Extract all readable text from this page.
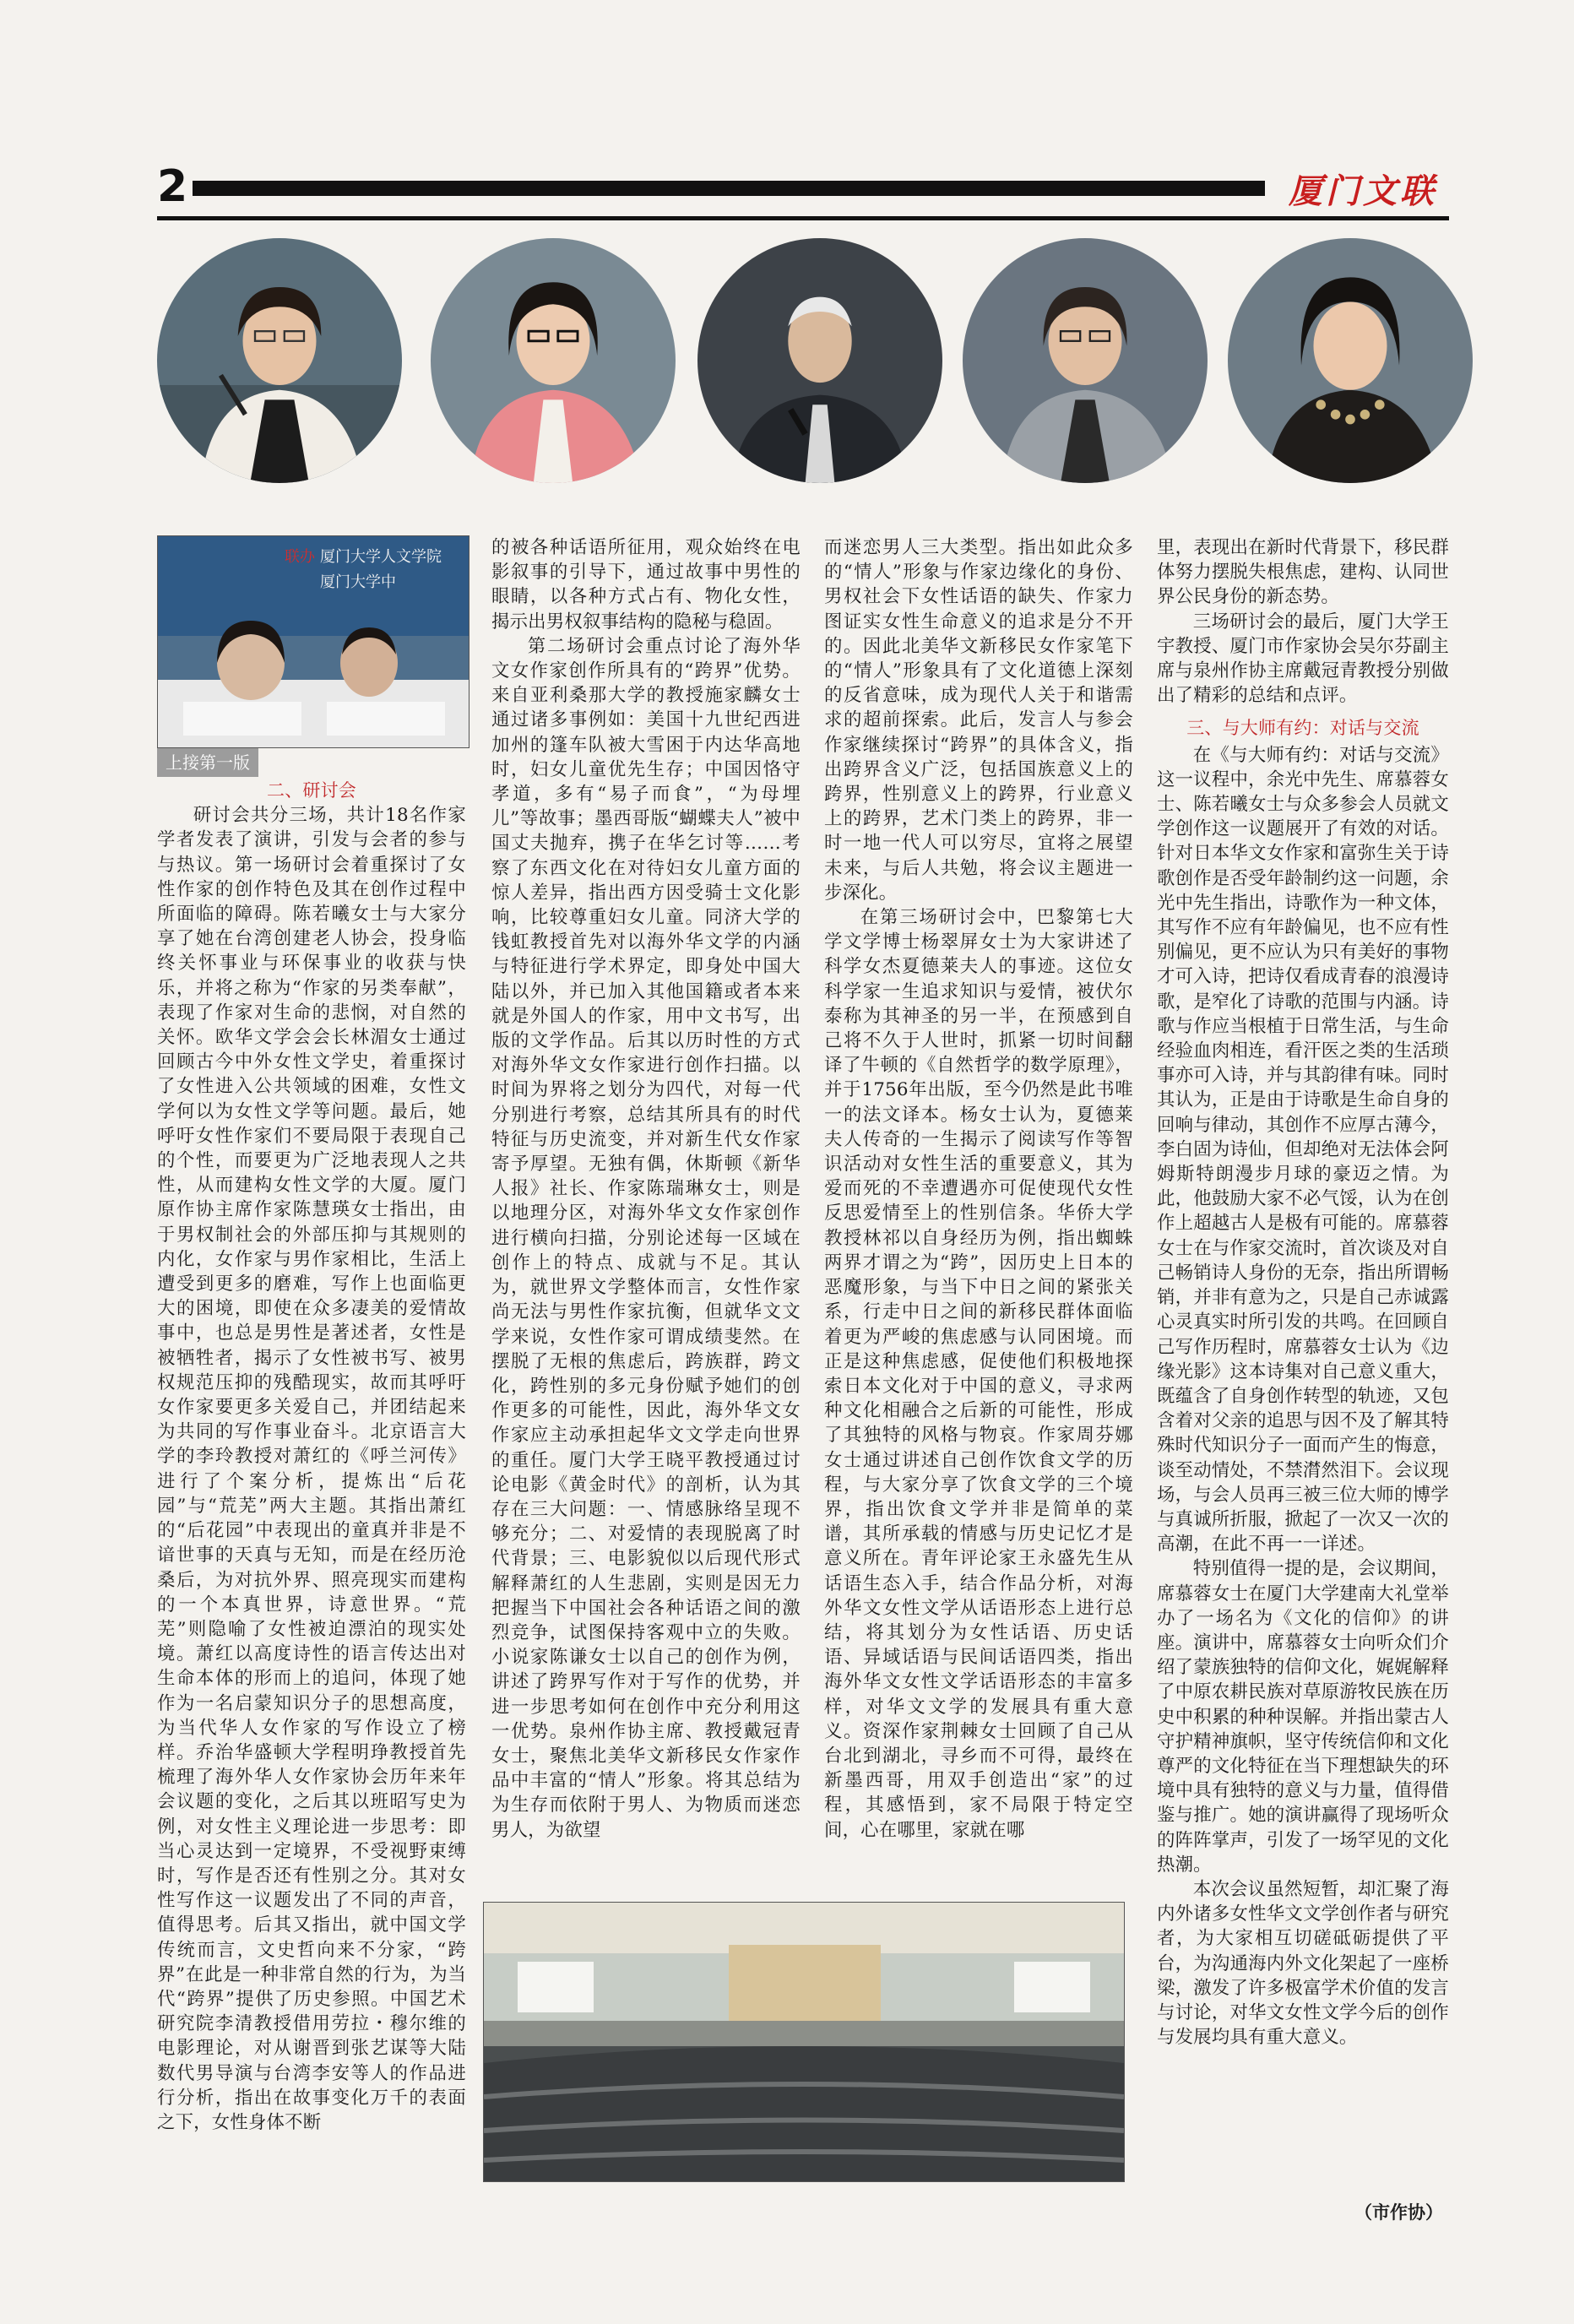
2	厦门文联
联办 厦门大学人文学院
厦门大学中
上接第一版
二、研讨会

研讨会共分三场，共计18名作家学者发表了演讲，引发与会者的参与与热议。第一场研讨会着重探讨了女性作家的创作特色及其在创作过程中所面临的障碍。陈若曦女士与大家分享了她在台湾创建老人协会，投身临终关怀事业与环保事业的收获与快乐，并将之称为“作家的另类奉献”，表现了作家对生命的悲悯，对自然的关怀。欧华文学会会长林湄女士通过回顾古今中外女性文学史，着重探讨了女性进入公共领域的困难，女性文学何以为女性文学等问题。最后，她呼吁女性作家们不要局限于表现自己的个性，而要更为广泛地表现人之共性，从而建构女性文学的大厦。厦门原作协主席作家陈慧瑛女士指出，由于男权制社会的外部压抑与其规则的内化，女作家与男作家相比，生活上遭受到更多的磨难，写作上也面临更大的困境，即使在众多凄美的爱情故事中，也总是男性是著述者，女性是被牺牲者，揭示了女性被书写、被男权规范压抑的残酷现实，故而其呼吁女作家要更多关爱自己，并团结起来为共同的写作事业奋斗。北京语言大学的李玲教授对萧红的《呼兰河传》进行了个案分析，提炼出“后花园”与“荒芜”两大主题。其指出萧红的“后花园”中表现出的童真并非是不谙世事的天真与无知，而是在经历沧桑后，为对抗外界、照亮现实而建构的一个本真世界，诗意世界。“荒芜”则隐喻了女性被迫漂泊的现实处境。萧红以高度诗性的语言传达出对生命本体的形而上的追问，体现了她作为一名启蒙知识分子的思想高度，为当代华人女作家的写作设立了榜样。乔治华盛顿大学程明琤教授首先梳理了海外华人女作家协会历年来年会议题的变化，之后其以班昭写史为例，对女性主义理论进一步思考：即当心灵达到一定境界，不受视野束缚时，写作是否还有性别之分。其对女性写作这一议题发出了不同的声音，值得思考。后其又指出，就中国文学传统而言，文史哲向来不分家，“跨界”在此是一种非常自然的行为，为当代“跨界”提供了历史参照。中国艺术研究院李清教授借用劳拉・穆尔维的电影理论，对从谢晋到张艺谋等大陆数代男导演与台湾李安等人的作品进行分析，指出在故事变化万千的表面之下，女性身体不断

的被各种话语所征用，观众始终在电影叙事的引导下，通过故事中男性的眼睛，以各种方式占有、物化女性，揭示出男权叙事结构的隐秘与稳固。

第二场研讨会重点讨论了海外华文女作家创作所具有的“跨界”优势。来自亚利桑那大学的教授施家麟女士通过诸多事例如：美国十九世纪西进加州的篷车队被大雪困于内达华高地时，妇女儿童优先生存；中国因恪守孝道，多有“易子而食”，“为母埋儿”等故事；墨西哥版“蝴蝶夫人”被中国丈夫抛弃，携子在华乞讨等……考察了东西文化在对待妇女儿童方面的惊人差异，指出西方因受骑士文化影响，比较尊重妇女儿童。同济大学的钱虹教授首先对以海外华文学的内涵与特征进行学术界定，即身处中国大陆以外，并已加入其他国籍或者本来就是外国人的作家，用中文书写，出版的文学作品。后其以历时性的方式对海外华文女作家进行创作扫描。以时间为界将之划分为四代，对每一代分别进行考察，总结其所具有的时代特征与历史流变，并对新生代女作家寄予厚望。无独有偶，休斯顿《新华人报》社长、作家陈瑞琳女士，则是以地理分区，对海外华文女作家创作进行横向扫描，分别论述每一区域在创作上的特点、成就与不足。其认为，就世界文学整体而言，女性作家尚无法与男性作家抗衡，但就华文文学来说，女性作家可谓成绩斐然。在摆脱了无根的焦虑后，跨族群，跨文化，跨性别的多元身份赋予她们的创作更多的可能性，因此，海外华文女作家应主动承担起华文文学走向世界的重任。厦门大学王晓平教授通过讨论电影《黄金时代》的剖析，认为其存在三大问题：一、情感脉络呈现不够充分；二、对爱情的表现脱离了时代背景；三、电影貌似以后现代形式解释萧红的人生悲剧，实则是因无力把握当下中国社会各种话语之间的激烈竞争，试图保持客观中立的失败。小说家陈谦女士以自己的创作为例，讲述了跨界写作对于写作的优势，并进一步思考如何在创作中充分利用这一优势。泉州作协主席、教授戴冠青女士，聚焦北美华文新移民女作家作品中丰富的“情人”形象。将其总结为为生存而依附于男人、为物质而迷恋男人，为欲望

而迷恋男人三大类型。指出如此众多的“情人”形象与作家边缘化的身份、男权社会下女性话语的缺失、作家力图证实女性生命意义的追求是分不开的。因此北美华文新移民女作家笔下的“情人”形象具有了文化道德上深刻的反省意味，成为现代人关于和谐需求的超前探索。此后，发言人与参会作家继续探讨“跨界”的具体含义，指出跨界含义广泛，包括国族意义上的跨界，性别意义上的跨界，行业意义上的跨界，艺术门类上的跨界，非一时一地一代人可以穷尽，宜将之展望未来，与后人共勉，将会议主题进一步深化。

在第三场研讨会中，巴黎第七大学文学博士杨翠屏女士为大家讲述了科学女杰夏德莱夫人的事迹。这位女科学家一生追求知识与爱情，被伏尔泰称为其神圣的另一半，在预感到自己将不久于人世时，抓紧一切时间翻译了牛顿的《自然哲学的数学原理》，并于1756年出版，至今仍然是此书唯一的法文译本。杨女士认为，夏德莱夫人传奇的一生揭示了阅读写作等智识活动对女性生活的重要意义，其为爱而死的不幸遭遇亦可促使现代女性反思爱情至上的性别信条。华侨大学教授林祁以自身经历为例，指出蜘蛛两界才谓之为“跨”，因历史上日本的恶魔形象，与当下中日之间的紧张关系，行走中日之间的新移民群体面临着更为严峻的焦虑感与认同困境。而正是这种焦虑感，促使他们积极地探索日本文化对于中国的意义，寻求两种文化相融合之后新的可能性，形成了其独特的风格与物哀。作家周芬娜女士通过讲述自己创作饮食文学的历程，与大家分享了饮食文学的三个境界，指出饮食文学并非是简单的菜谱，其所承载的情感与历史记忆才是意义所在。青年评论家王永盛先生从话语生态入手，结合作品分析，对海外华文女性文学从话语形态上进行总结，将其划分为女性话语、历史话语、异域话语与民间话语四类，指出海外华文女性文学话语形态的丰富多样，对华文文学的发展具有重大意义。资深作家荆棘女士回顾了自己从台北到湖北，寻乡而不可得，最终在新墨西哥，用双手创造出“家”的过程，其感悟到，家不局限于特定空间，心在哪里，家就在哪

里，表现出在新时代背景下，移民群体努力摆脱失根焦虑，建构、认同世界公民身份的新态势。

三场研讨会的最后，厦门大学王宇教授、厦门市作家协会吴尔芬副主席与泉州作协主席戴冠青教授分别做出了精彩的总结和点评。

三、与大师有约：对话与交流

在《与大师有约：对话与交流》这一议程中，余光中先生、席慕蓉女士、陈若曦女士与众多参会人员就文学创作这一议题展开了有效的对话。针对日本华文女作家和富弥生关于诗歌创作是否受年龄制约这一问题，余光中先生指出，诗歌作为一种文体，其写作不应有年龄偏见，也不应有性别偏见，更不应认为只有美好的事物才可入诗，把诗仅看成青春的浪漫诗歌，是窄化了诗歌的范围与内涵。诗歌与作应当根植于日常生活，与生命经验血肉相连，看汗医之类的生活琐事亦可入诗，并与其韵律有味。同时其认为，正是由于诗歌是生命自身的回响与律动，其创作不应厚古薄今，李白固为诗仙，但却绝对无法体会阿姆斯特朗漫步月球的豪迈之情。为此，他鼓励大家不必气馁，认为在创作上超越古人是极有可能的。席慕蓉女士在与作家交流时，首次谈及对自己畅销诗人身份的无奈，指出所谓畅销，并非有意为之，只是自己赤诚露心灵真实时所引发的共鸣。在回顾自己写作历程时，席慕蓉女士认为《边缘光影》这本诗集对自己意义重大，既蕴含了自身创作转型的轨迹，又包含着对父亲的追思与因不及了解其特殊时代知识分子一面而产生的悔意，谈至动情处，不禁潸然泪下。会议现场，与会人员再三被三位大师的博学与真诚所折服，掀起了一次又一次的高潮，在此不再一一详述。

特别值得一提的是，会议期间，席慕蓉女士在厦门大学建南大礼堂举办了一场名为《文化的信仰》的讲座。演讲中，席慕蓉女士向听众们介绍了蒙族独特的信仰文化，娓娓解释了中原农耕民族对草原游牧民族在历史中积累的种种误解。并指出蒙古人守护精神旗帜，坚守传统信仰和文化尊严的文化特征在当下理想缺失的环境中具有独特的意义与力量，值得借鉴与推广。她的演讲赢得了现场听众的阵阵掌声，引发了一场罕见的文化热潮。

本次会议虽然短暂，却汇聚了海内外诸多女性华文文学创作者与研究者，为大家相互切磋砥砺提供了平台，为沟通海内外文化架起了一座桥梁，激发了许多极富学术价值的发言与讨论，对华文女性文学今后的创作与发展均具有重大意义。

（市作协）
